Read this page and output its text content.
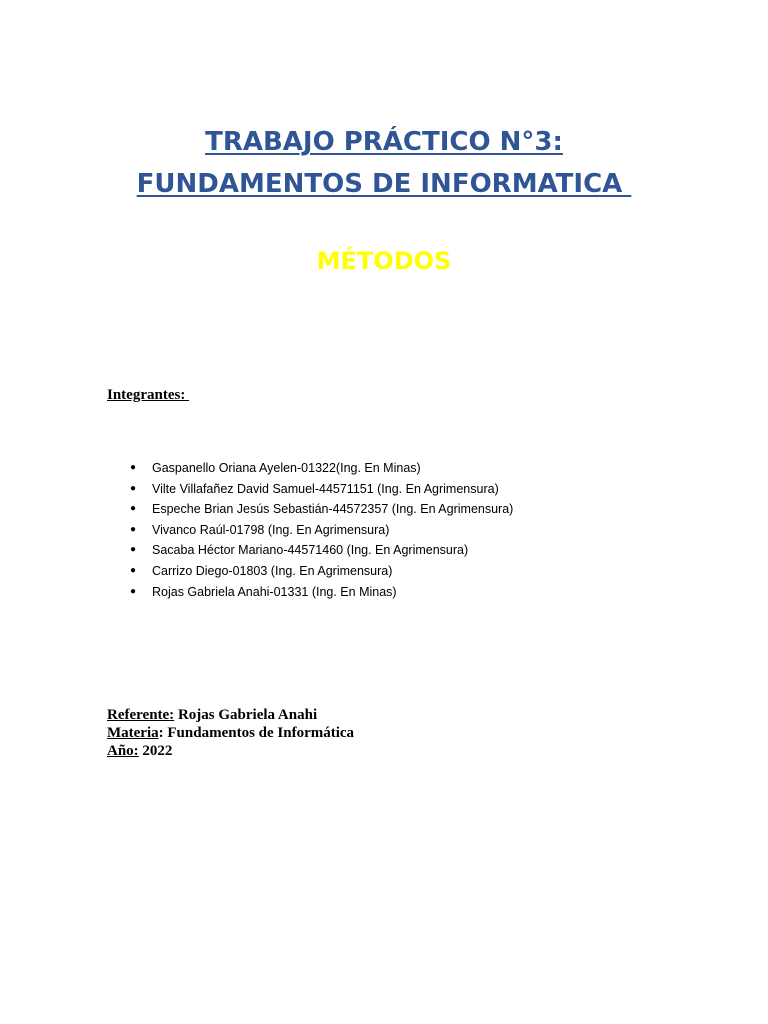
TRABAJO PRÁCTICO N°3:
FUNDAMENTOS DE INFORMATICA
MÉTODOS
Integrantes:
● Gaspanello Oriana Ayelen-01322(Ing. En Minas)
● Vilte Villafañez David Samuel-44571151 (Ing. En Agrimensura)
● Espeche Brian Jesús Sebastián-44572357 (Ing. En Agrimensura)
● Vivanco Raúl-01798 (Ing. En Agrimensura)
● Sacaba Héctor Mariano-44571460 (Ing. En Agrimensura)
● Carrizo Diego-01803 (Ing. En Agrimensura)
● Rojas Gabriela Anahi-01331 (Ing. En Minas)
Referente: Rojas Gabriela Anahi
Materia: Fundamentos de Informática
Año: 2022
